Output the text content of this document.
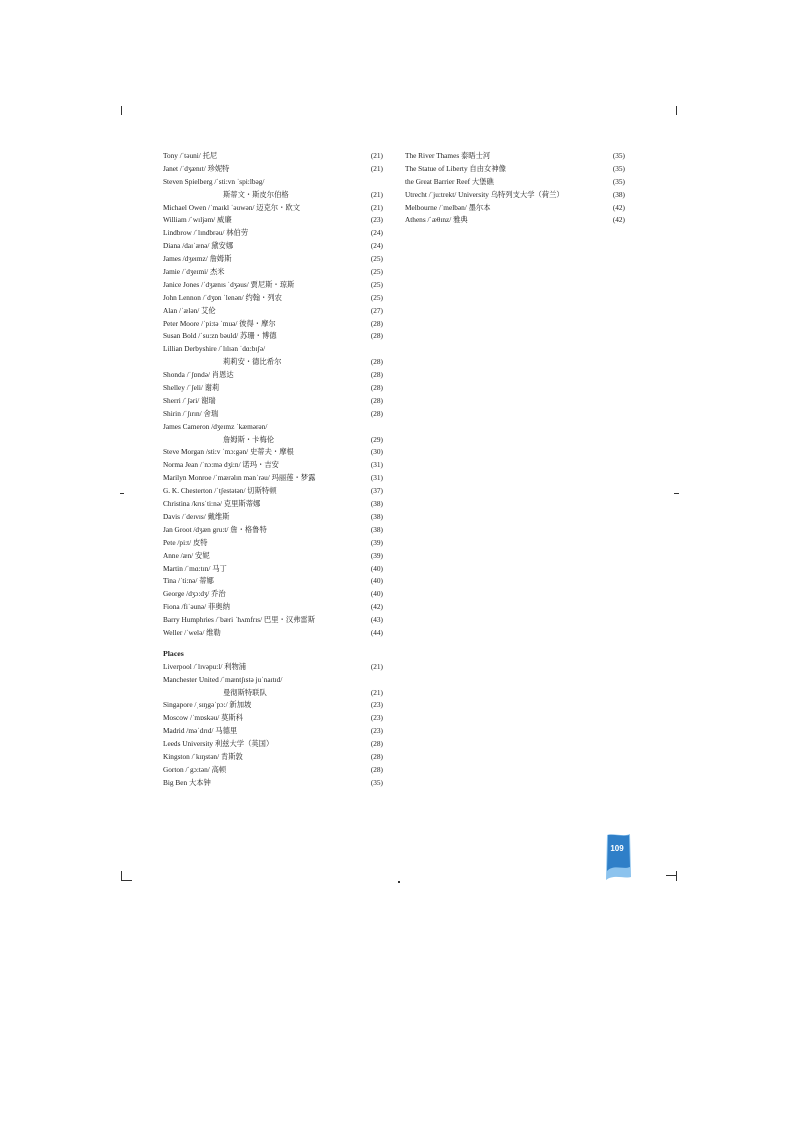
Tony /ˈtəuni/ 托尼	(21)
Janet /ˈdʒænɪt/ 珍妮特	(21)
Steven Spielberg /ˈsti:vn ˈspi:lbəg/
斯蒂文・斯皮尔伯格	(21)
Michael Owen /ˈmaɪkl ˈəuwən/ 迈克尔・欧文	(21)
William /ˈwɪljəm/ 威廉	(23)
Lindbrow /ˈlɪndbrəu/ 林伯劳	(24)
Diana /daɪˈænə/ 黛安娜	(24)
James /dʒeɪmz/ 詹姆斯	(25)
Jamie /ˈdʒeɪmi/ 杰米	(25)
Janice Jones /ˈdʒænɪs ˈdʒəus/ 贾尼斯・琼斯	(25)
John Lennon /ˈdʒɒn ˈlenən/ 约翰・列农	(25)
Alan /ˈælən/ 艾伦	(27)
Peter Moore /ˈpi:tə ˈmuə/ 彼得・摩尔	(28)
Susan Bold /ˈsu:zn bəuld/ 苏珊・博德	(28)
Lillian Derbyshire /ˈlɪlɪən ˈdɑ:bɪʃə/
莉莉安・德比希尔	(28)
Shonda /ˈʃɒndə/ 肖恩达	(28)
Shelley /ˈʃeli/ 谢莉	(28)
Sherri /ˈʃəri/ 谢瑞	(28)
Shirin /ˈʃɪrɪn/ 舍瑞	(28)
James Cameron /dʒeɪmz ˈkæmərən/
詹姆斯・卡梅伦	(29)
Steve Morgan /sti:v ˈmɔ:gən/ 史蒂夫・摩根	(30)
Norma Jean /ˈnɔ:mə dʒi:n/ 诺玛・吉安	(31)
Marilyn Monroe /ˈmærəlɪn mənˈrəu/ 玛丽莲・梦露	(31)
G. K. Chesterton /ˈtʃestətən/ 切斯特顿	(37)
Christina /krɪsˈti:nə/ 克里斯蒂娜	(38)
Davis /ˈdeɪvɪs/ 戴维斯	(38)
Jan Groot /dʒæn gru:t/ 詹・格鲁特	(38)
Pete /pi:t/ 皮特	(39)
Anne /æn/ 安妮	(39)
Martin /ˈmɑ:tɪn/ 马丁	(40)
Tina /ˈti:nə/ 蒂娜	(40)
George /dʒɔ:dʒ/ 乔治	(40)
Fiona /fiˈəunə/ 菲奥纳	(42)
Barry Humphries /ˈbæri ˈhʌmfrɪs/ 巴里・汉弗雷斯	(43)
Weller /ˈwelə/ 维勒	(44)
Places
Liverpool /ˈlɪvəpu:l/ 利物浦	(21)
Manchester United /ˈmæntʃɪstə juˈnaɪtɪd/
曼彻斯特联队	(21)
Singapore /ˌsɪŋgəˈpɔ:/ 新加坡	(23)
Moscow /ˈmɒskəu/ 莫斯科	(23)
Madrid /məˈdrɪd/ 马德里	(23)
Leeds University 利兹大学（英国）	(28)
Kingston /ˈkɪŋstən/ 肯斯敦	(28)
Gorton /ˈgɔ:tən/ 高顿	(28)
Big Ben 大本钟	(35)
The River Thames 泰晤士河	(35)
The Statue of Liberty 自由女神像	(35)
the Great Barrier Reef 大堡礁	(35)
Utrecht /ˈju:trekt/ University 乌特列支大学（荷兰）	(38)
Melbourne /ˈmelbən/ 墨尔本	(42)
Athens /ˈæθɪnz/ 雅典	(42)
109
